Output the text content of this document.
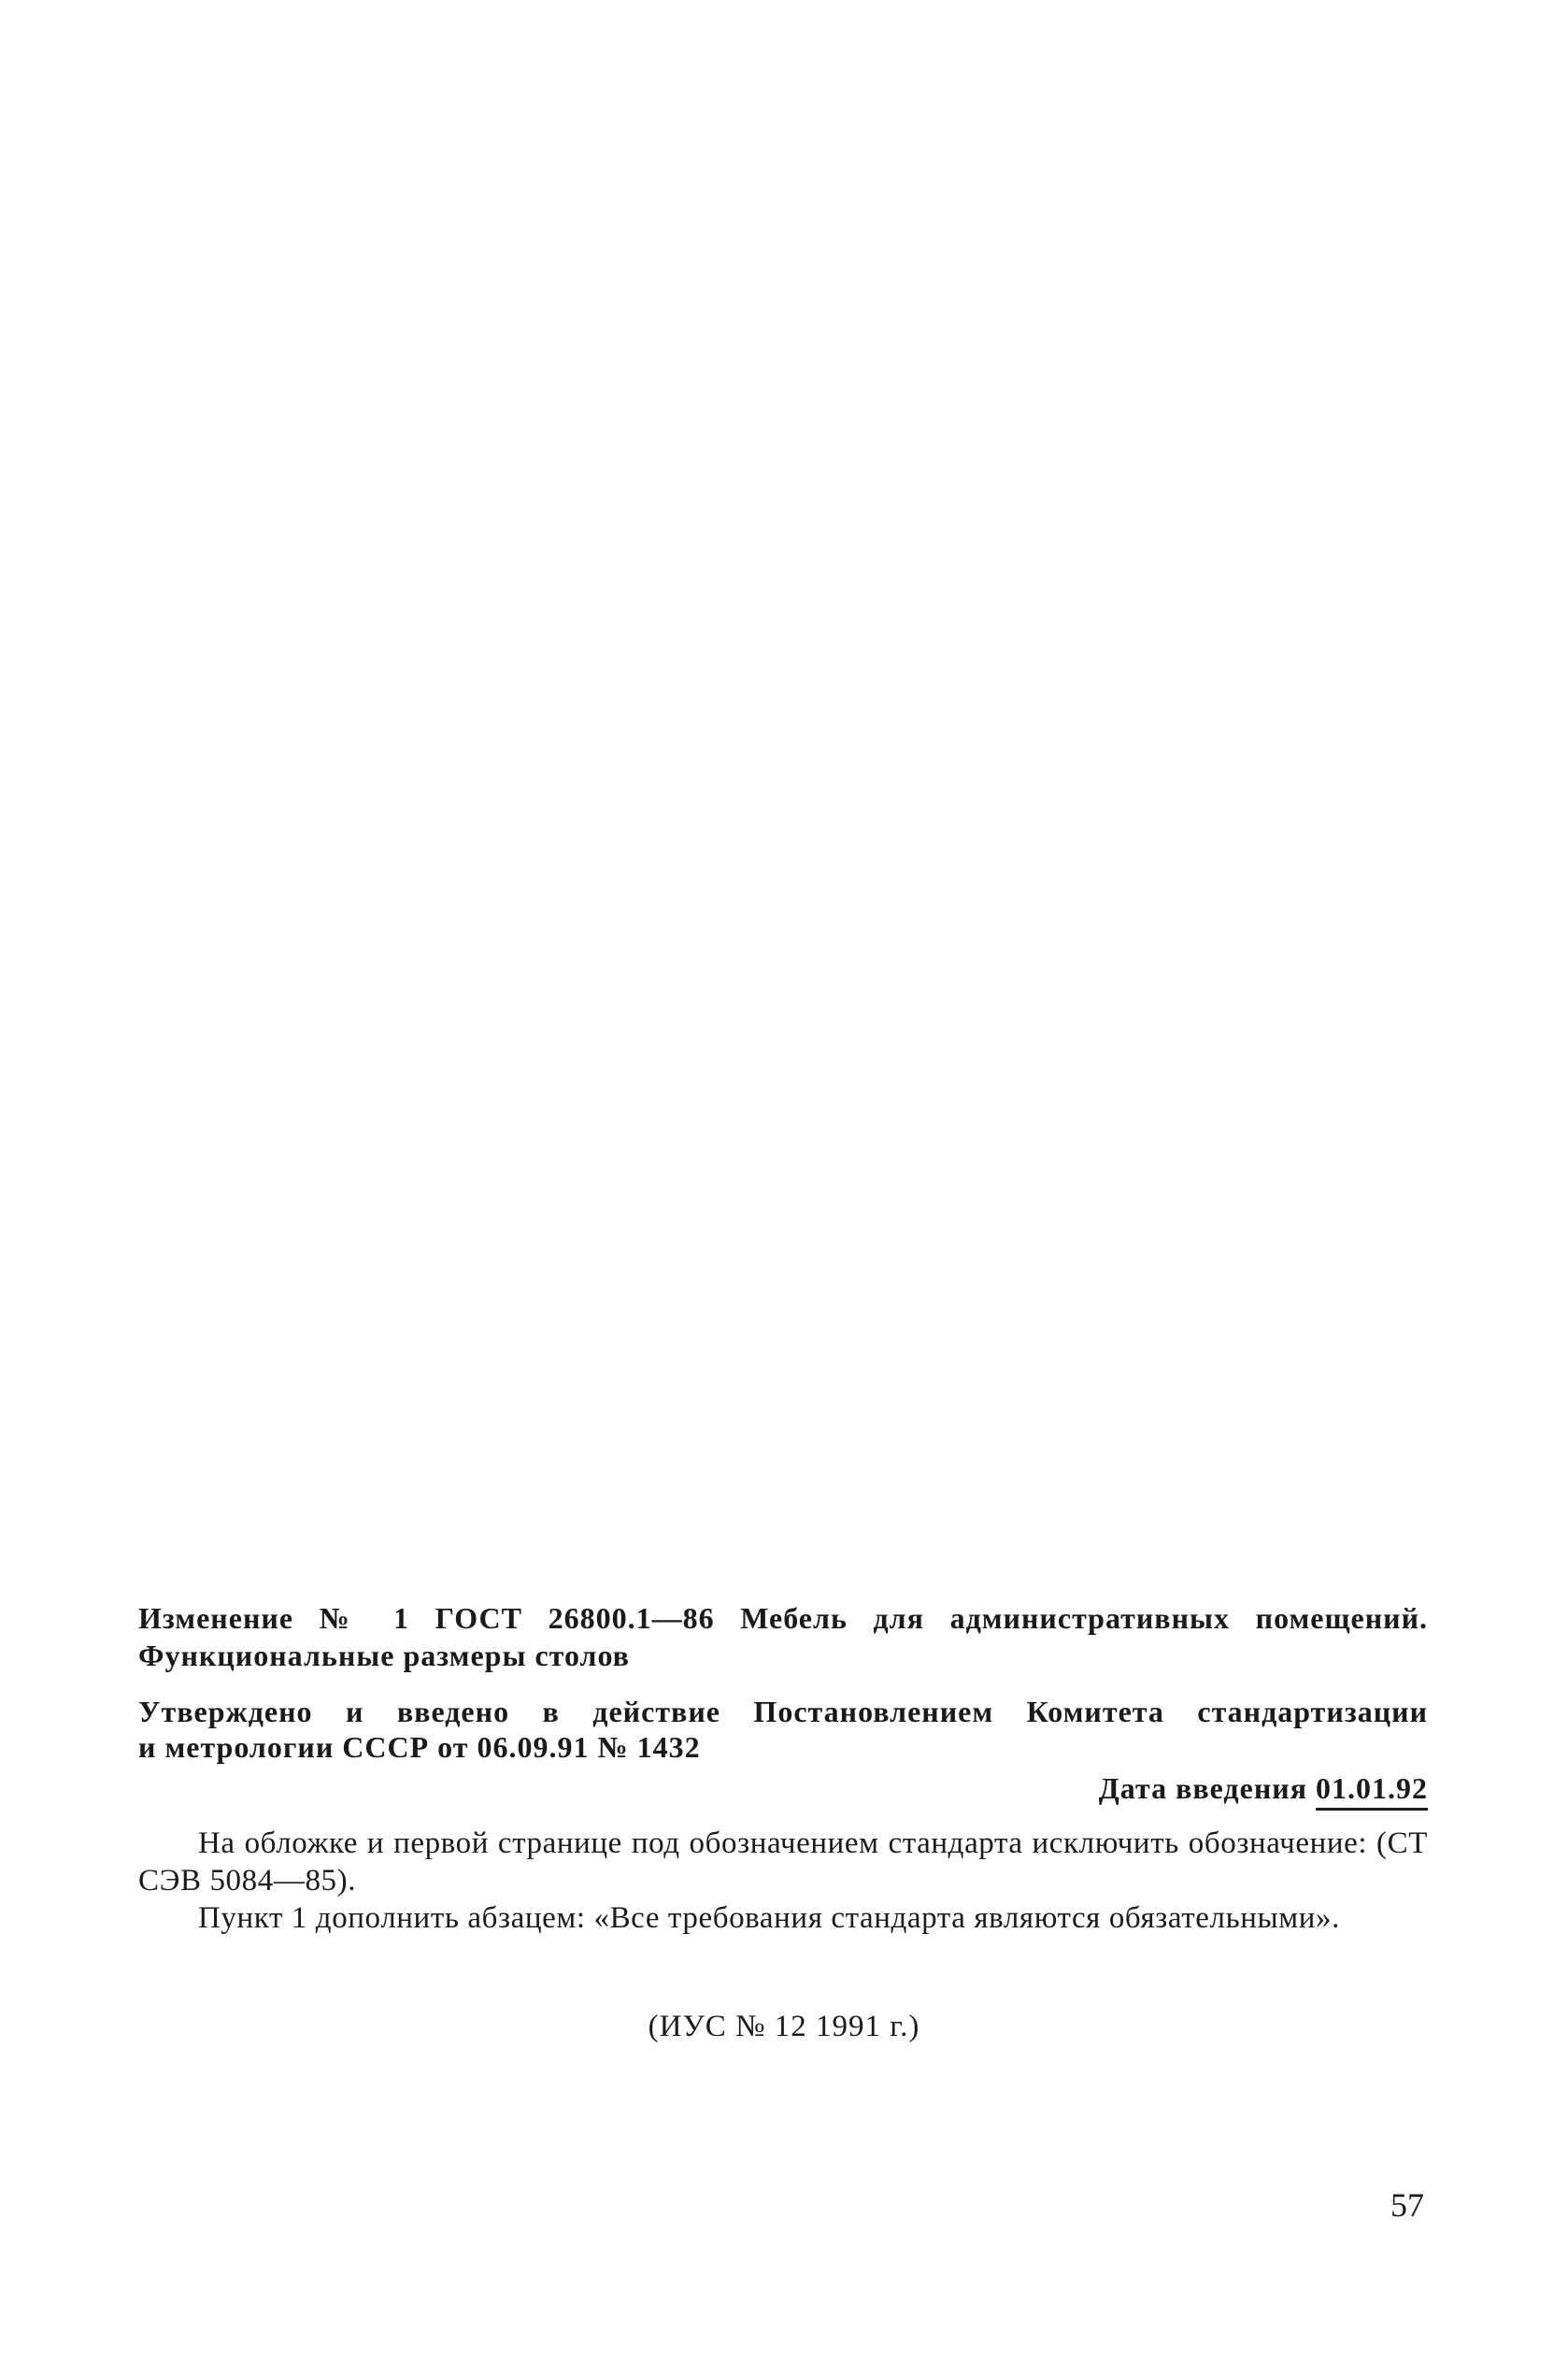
Изменение № 1 ГОСТ 26800.1—86 Мебель для административных помещений.
Функциональные размеры столов
Утверждено и введено в действие Постановлением Комитета стандартизации
и метрологии СССР от 06.09.91 № 1432
Дата введения 01.01.92

На обложке и первой странице под обозначением стандарта исключить обозначение: (СТ СЭВ 5084—85).

Пункт 1 дополнить абзацем: «Все требования стандарта являются обязательными».

(ИУС № 12 1991 г.)
57
